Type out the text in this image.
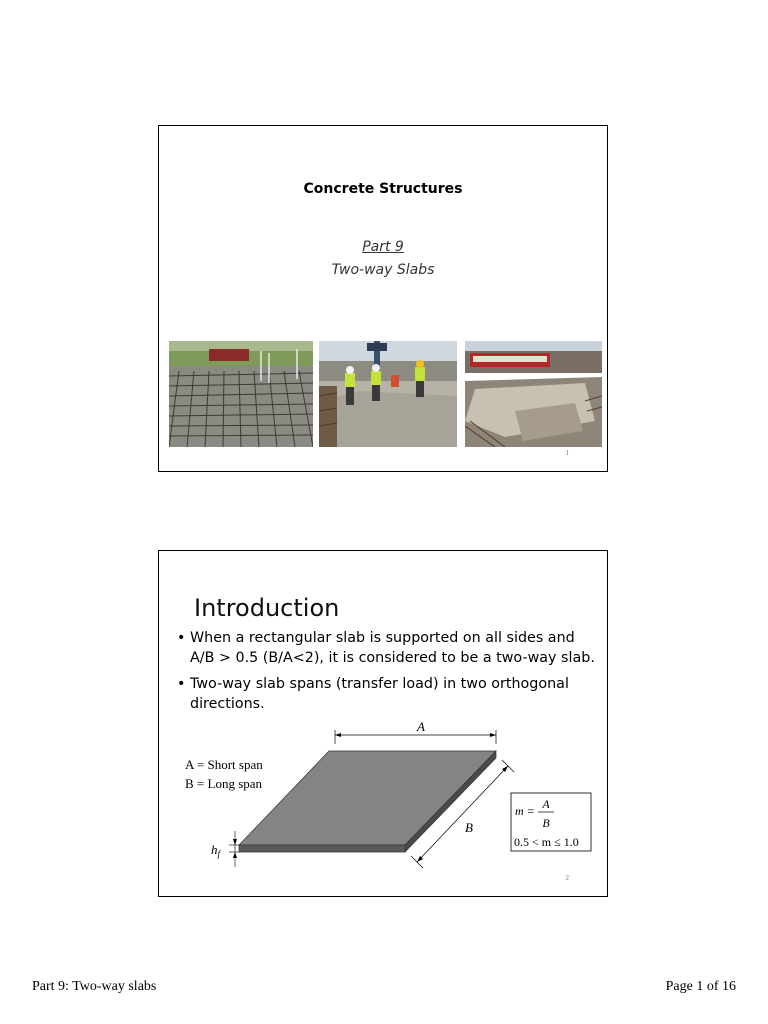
Concrete Structures
Part 9
Two-way Slabs
1
Introduction
• When a rectangular slab is supported on all sides and A/B > 0.5 (B/A<2), it is considered to be a two-way slab.
• Two-way slab spans (transfer load) in two orthogonal directions.
A
B
$h_f$
A = Short span
B = Long span
m = A
B
0.5 < m ≤ 1.0
2
Part 9: Two-way slabs	Page 1 of 16
